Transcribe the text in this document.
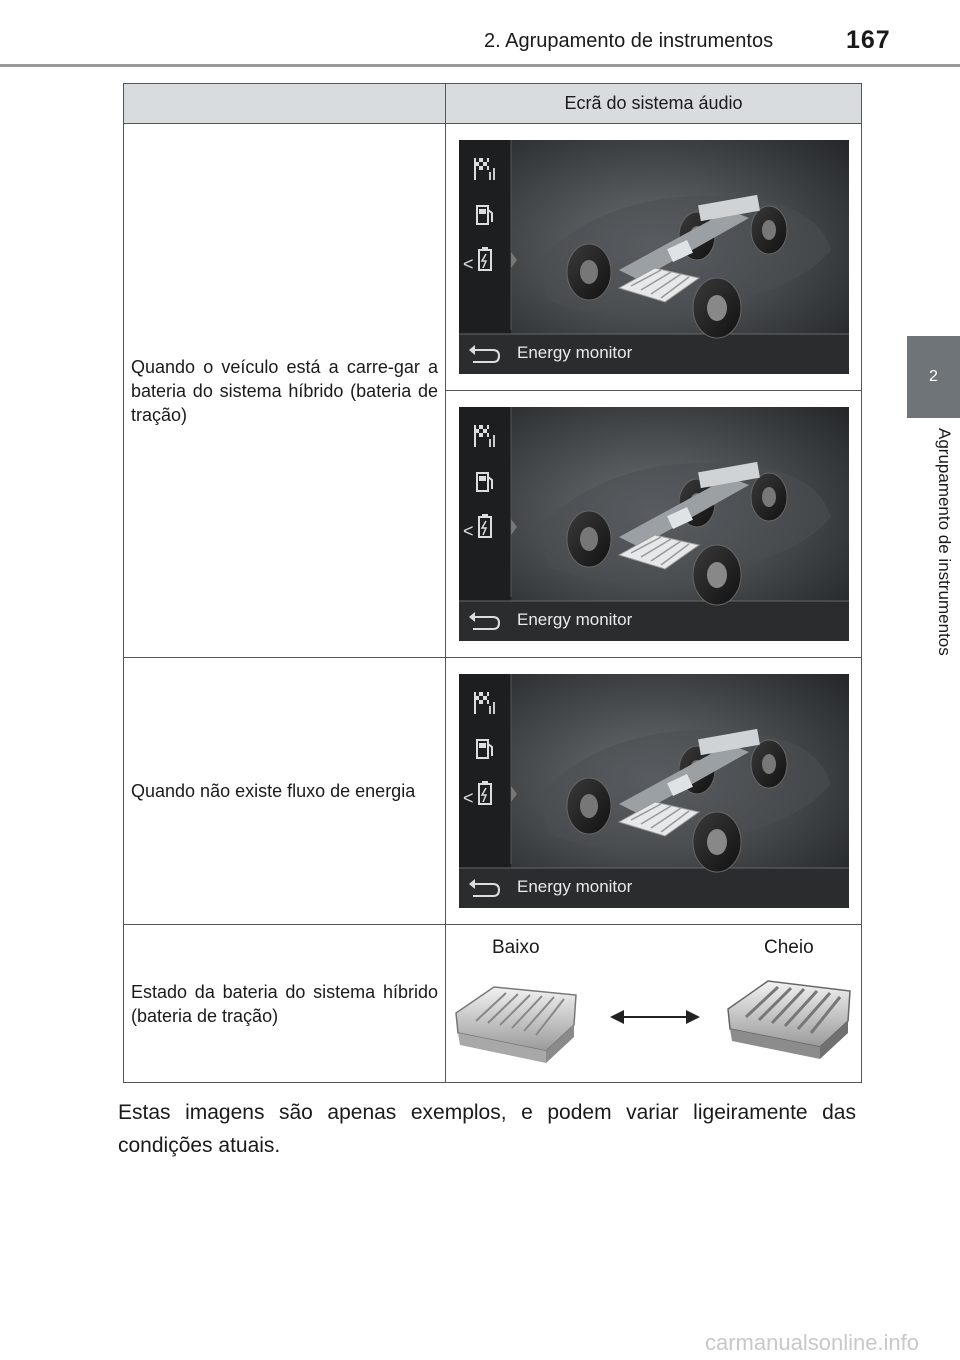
2. Agrupamento de instrumentos	167
2
Agrupamento de instrumentos
	Ecrã do sistema áudio
Quando o veículo está a carre-gar a bateria do sistema híbrido (bateria de tração)	Energy monitor

Energy monitor

Quando não existe fluxo de energia	Energy monitor

Estado da bateria do sistema híbrido (bateria de tração)	Baixo Cheio
Estas imagens são apenas exemplos, e podem variar ligeiramente das condições atuais.
carmanualsonline.info
